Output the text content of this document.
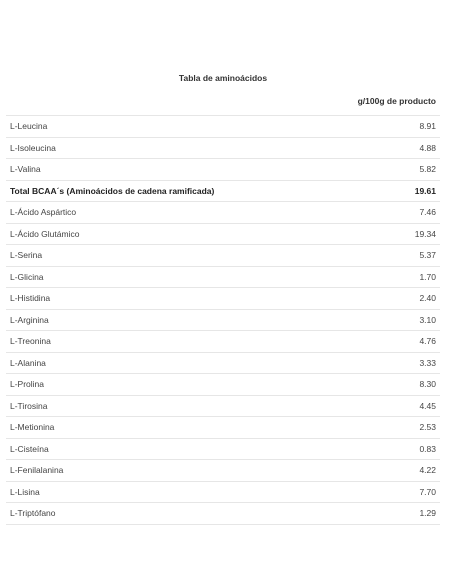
Tabla de aminoácidos
g/100g de producto	
L-Leucina	8.91
L-Isoleucina	4.88
L-Valina	5.82
Total BCAA´s (Aminoácidos de cadena ramificada)	19.61
L-Ácido Aspártico	7.46
L-Ácido Glutámico	19.34
L-Serina	5.37
L-Glicina	1.70
L-Histidina	2.40
L-Arginina	3.10
L-Treonina	4.76
L-Alanina	3.33
L-Prolina	8.30
L-Tirosina	4.45
L-Metionina	2.53
L-Cisteína	0.83
L-Fenilalanina	4.22
L-Lisina	7.70
L-Triptófano	1.29
